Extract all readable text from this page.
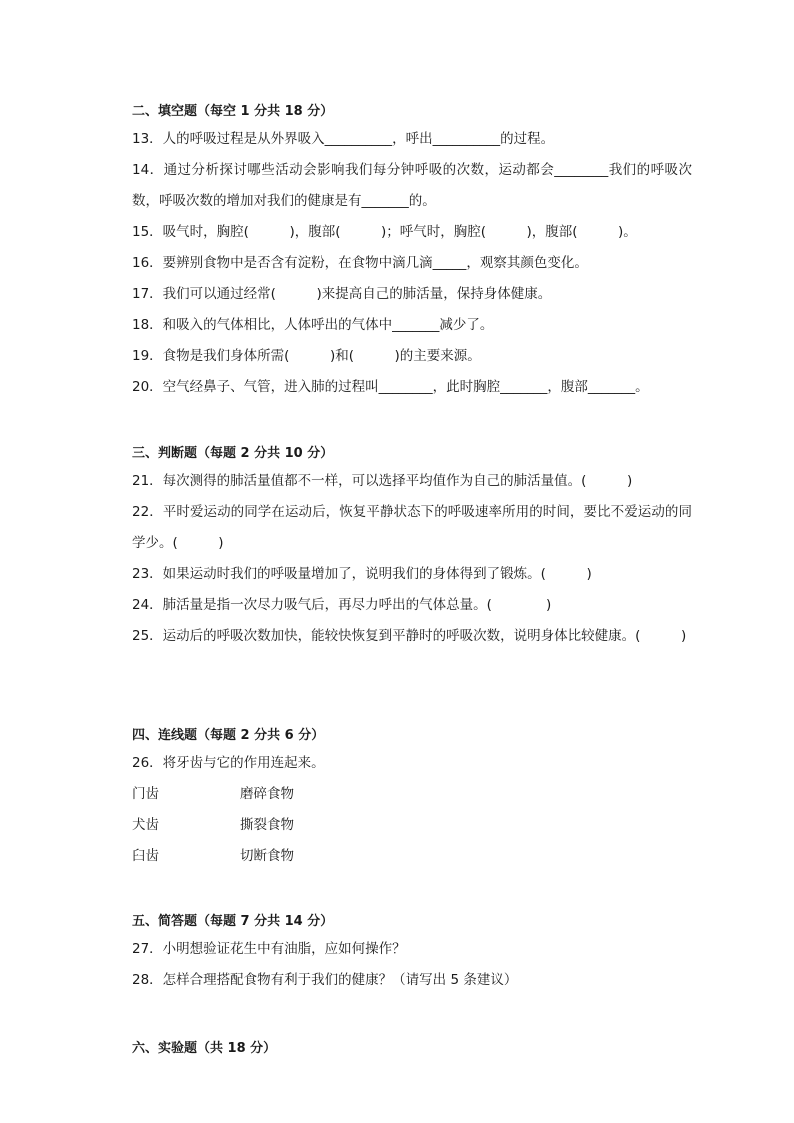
二、填空题（每空 1 分共 18 分）
13．人的呼吸过程是从外界吸入__________，呼出__________的过程。
14．通过分析探讨哪些活动会影响我们每分钟呼吸的次数，运动都会________我们的呼吸次数，呼吸次数的增加对我们的健康是有_______的。
15．吸气时，胸腔(　　　)，腹部(　　　)；呼气时，胸腔(　　　)，腹部(　　　)。
16．要辨别食物中是否含有淀粉，在食物中滴几滴_____，观察其颜色变化。
17．我们可以通过经常(　　　)来提高自己的肺活量，保持身体健康。
18．和吸入的气体相比，人体呼出的气体中_______减少了。
19．食物是我们身体所需(　　　)和(　　　)的主要来源。
20．空气经鼻子、气管，进入肺的过程叫________，此时胸腔_______，腹部_______。
三、判断题（每题 2 分共 10 分）
21．每次测得的肺活量值都不一样，可以选择平均值作为自己的肺活量值。(　　　)
22．平时爱运动的同学在运动后，恢复平静状态下的呼吸速率所用的时间，要比不爱运动的同学少。(　　　)
23．如果运动时我们的呼吸量增加了，说明我们的身体得到了锻炼。(　　　)
24．肺活量是指一次尽力吸气后，再尽力呼出的气体总量。(　　　　)
25．运动后的呼吸次数加快，能较快恢复到平静时的呼吸次数，说明身体比较健康。(　　　)
四、连线题（每题 2 分共 6 分）
26．将牙齿与它的作用连起来。
门齿	磨碎食物
犬齿	撕裂食物
臼齿	切断食物
五、简答题（每题 7 分共 14 分）
27．小明想验证花生中有油脂，应如何操作？
28．怎样合理搭配食物有利于我们的健康？（请写出 5 条建议）
六、实验题（共 18 分）
